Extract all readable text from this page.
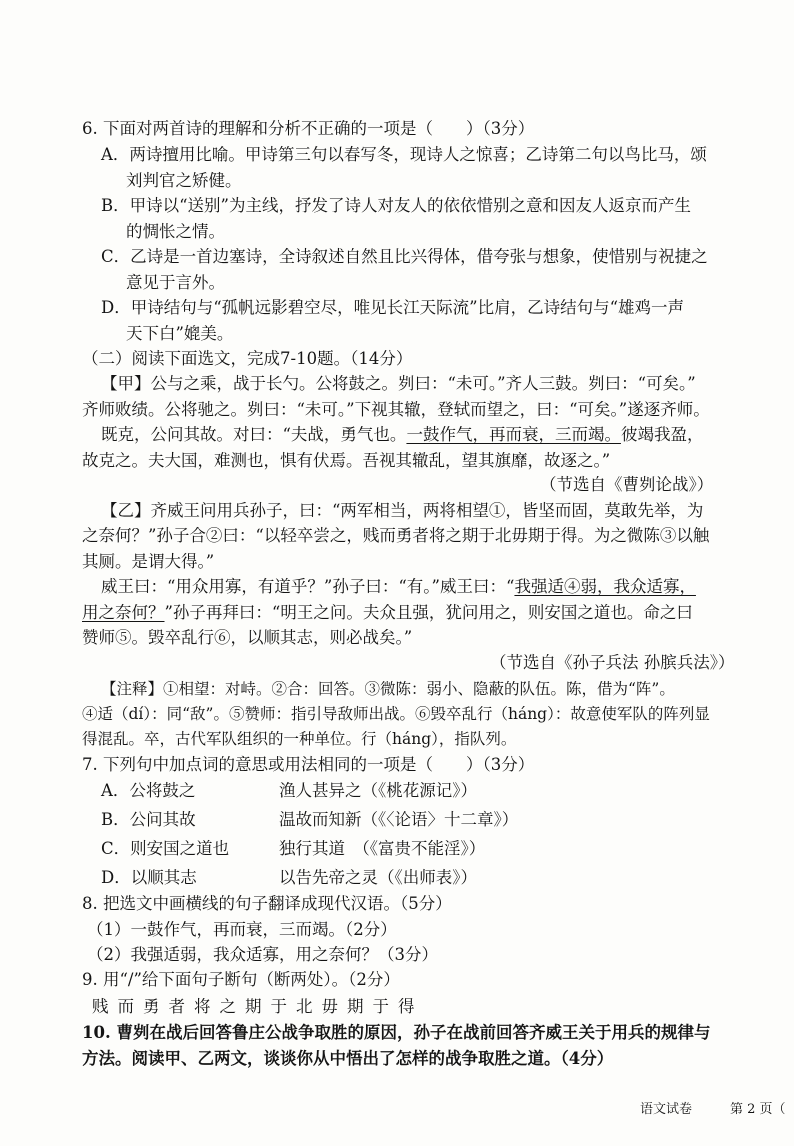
6. 下面对两首诗的理解和分析不正确的一项是（　　）（3分）
A．两诗擅用比喻。甲诗第三句以春写冬，现诗人之惊喜；乙诗第二句以鸟比马，颂
刘判官之矫健。
B．甲诗以“送别”为主线，抒发了诗人对友人的依依惜别之意和因友人返京而产生
的惆怅之情。
C．乙诗是一首边塞诗，全诗叙述自然且比兴得体，借夸张与想象，使惜别与祝捷之
意见于言外。
D．甲诗结句与“孤帆远影碧空尽，唯见长江天际流”比肩，乙诗结句与“雄鸡一声
天下白”媲美。
（二）阅读下面选文，完成7-10题。（14分）
【甲】公与之乘，战于长勺。公将鼓之。刿曰：“未可。”齐人三鼓。刿曰：“可矣。”
齐师败绩。公将驰之。刿曰：“未可。”下视其辙，登轼而望之，曰：“可矣。”遂逐齐师。
既克，公问其故。对曰：“夫战，勇气也。一鼓作气，再而衰，三而竭。彼竭我盈，
故克之。夫大国，难测也，惧有伏焉。吾视其辙乱，望其旗靡，故逐之。”
（节选自《曹刿论战》）
【乙】齐威王问用兵孙子，曰：“两军相当，两将相望①，皆坚而固，莫敢先举，为
之奈何？”孙子合②曰：“以轻卒尝之，贱而勇者将之期于北毋期于得。为之微陈③以触
其厕。是谓大得。”
威王曰：“用众用寡，有道乎？”孙子曰：“有。”威王曰：“我强适④弱，我众适寡，
用之奈何？”孙子再拜曰：“明王之问。夫众且强，犹问用之，则安国之道也。命之曰
赞师⑤。毁卒乱行⑥，以顺其志，则必战矣。”
（节选自《孙子兵法 孙膑兵法》）
【注释】①相望：对峙。②合：回答。③微陈：弱小、隐蔽的队伍。陈，借为“阵”。
④适（dí）：同“敌”。⑤赞师：指引导敌师出战。⑥毁卒乱行（háng）：故意使军队的阵列显
得混乱。卒，古代军队组织的一种单位。行（háng），指队列。
7. 下列句中加点词的意思或用法相同的一项是（　　）（3分）
A．公将鼓之	渔人甚异之（《桃花源记》）
B．公问其故	温故而知新（《〈论语〉十二章》）
C．则安国之道也	独行其道　（《富贵不能淫》）
D．以顺其志	以告先帝之灵（《出师表》）
8. 把选文中画横线的句子翻译成现代汉语。（5分）
（1）一鼓作气，再而衰，三而竭。（2分）
（2）我强适弱，我众适寡，用之奈何？（3分）
9. 用“/”给下面句子断句（断两处）。（2分）
贱而勇者将之期于北毋期于得
10. 曹刿在战后回答鲁庄公战争取胜的原因，孙子在战前回答齐威王关于用兵的规律与
方法。阅读甲、乙两文，谈谈你从中悟出了怎样的战争取胜之道。（4分）
语文试卷	第 2 页（
